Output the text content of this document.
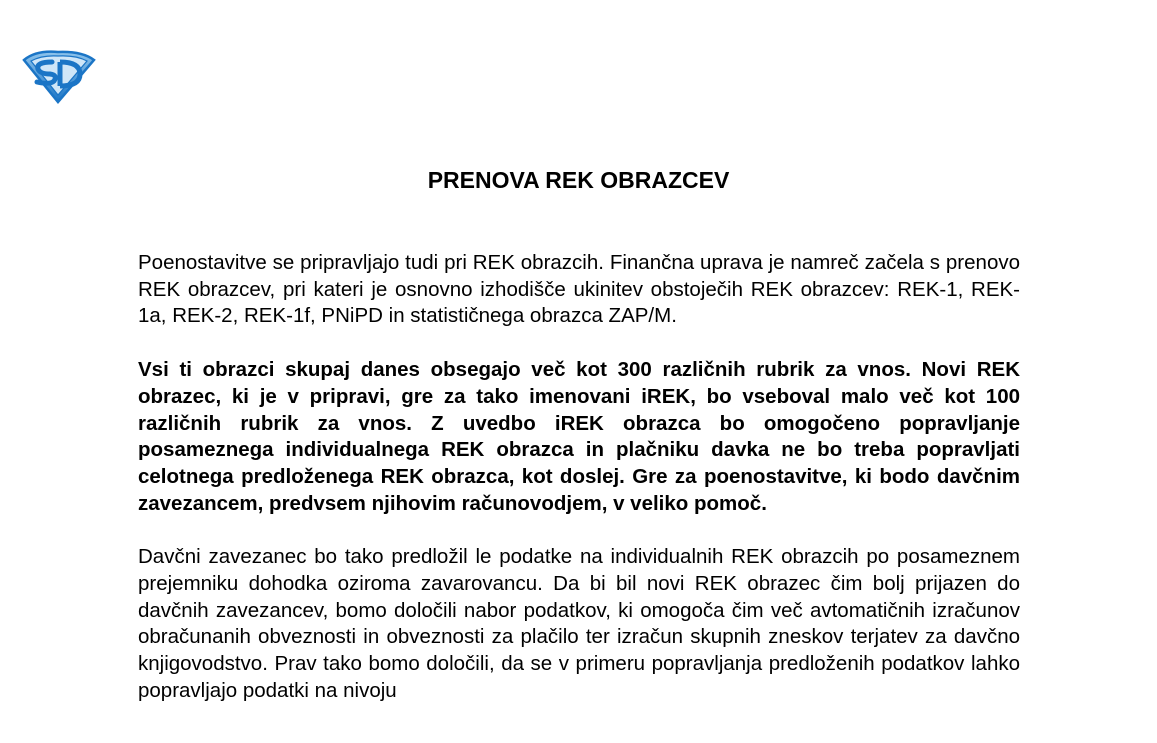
PRENOVA REK OBRAZCEV

Poenostavitve se pripravljajo tudi pri REK obrazcih. Finančna uprava je namreč začela s prenovo REK obrazcev, pri kateri je osnovno izhodišče ukinitev obstoječih REK obrazcev: REK-1, REK-1a, REK-2, REK-1f, PNiPD in statističnega obrazca ZAP/M.

Vsi ti obrazci skupaj danes obsegajo več kot 300 različnih rubrik za vnos. Novi REK obrazec, ki je v pripravi, gre za tako imenovani iREK, bo vseboval malo več kot 100 različnih rubrik za vnos. Z uvedbo iREK obrazca bo omogočeno popravljanje posameznega individualnega REK obrazca in plačniku davka ne bo treba popravljati celotnega predloženega REK obrazca, kot doslej. Gre za poenostavitve, ki bodo davčnim zavezancem, predvsem njihovim računovodjem, v veliko pomoč.

Davčni zavezanec bo tako predložil le podatke na individualnih REK obrazcih po posameznem prejemniku dohodka oziroma zavarovancu. Da bi bil novi REK obrazec čim bolj prijazen do davčnih zavezancev, bomo določili nabor podatkov, ki omogoča čim več avtomatičnih izračunov obračunanih obveznosti in obveznosti za plačilo ter izračun skupnih zneskov terjatev za davčno knjigovodstvo. Prav tako bomo določili, da se v primeru popravljanja predloženih podatkov lahko popravljajo podatki na nivoju
